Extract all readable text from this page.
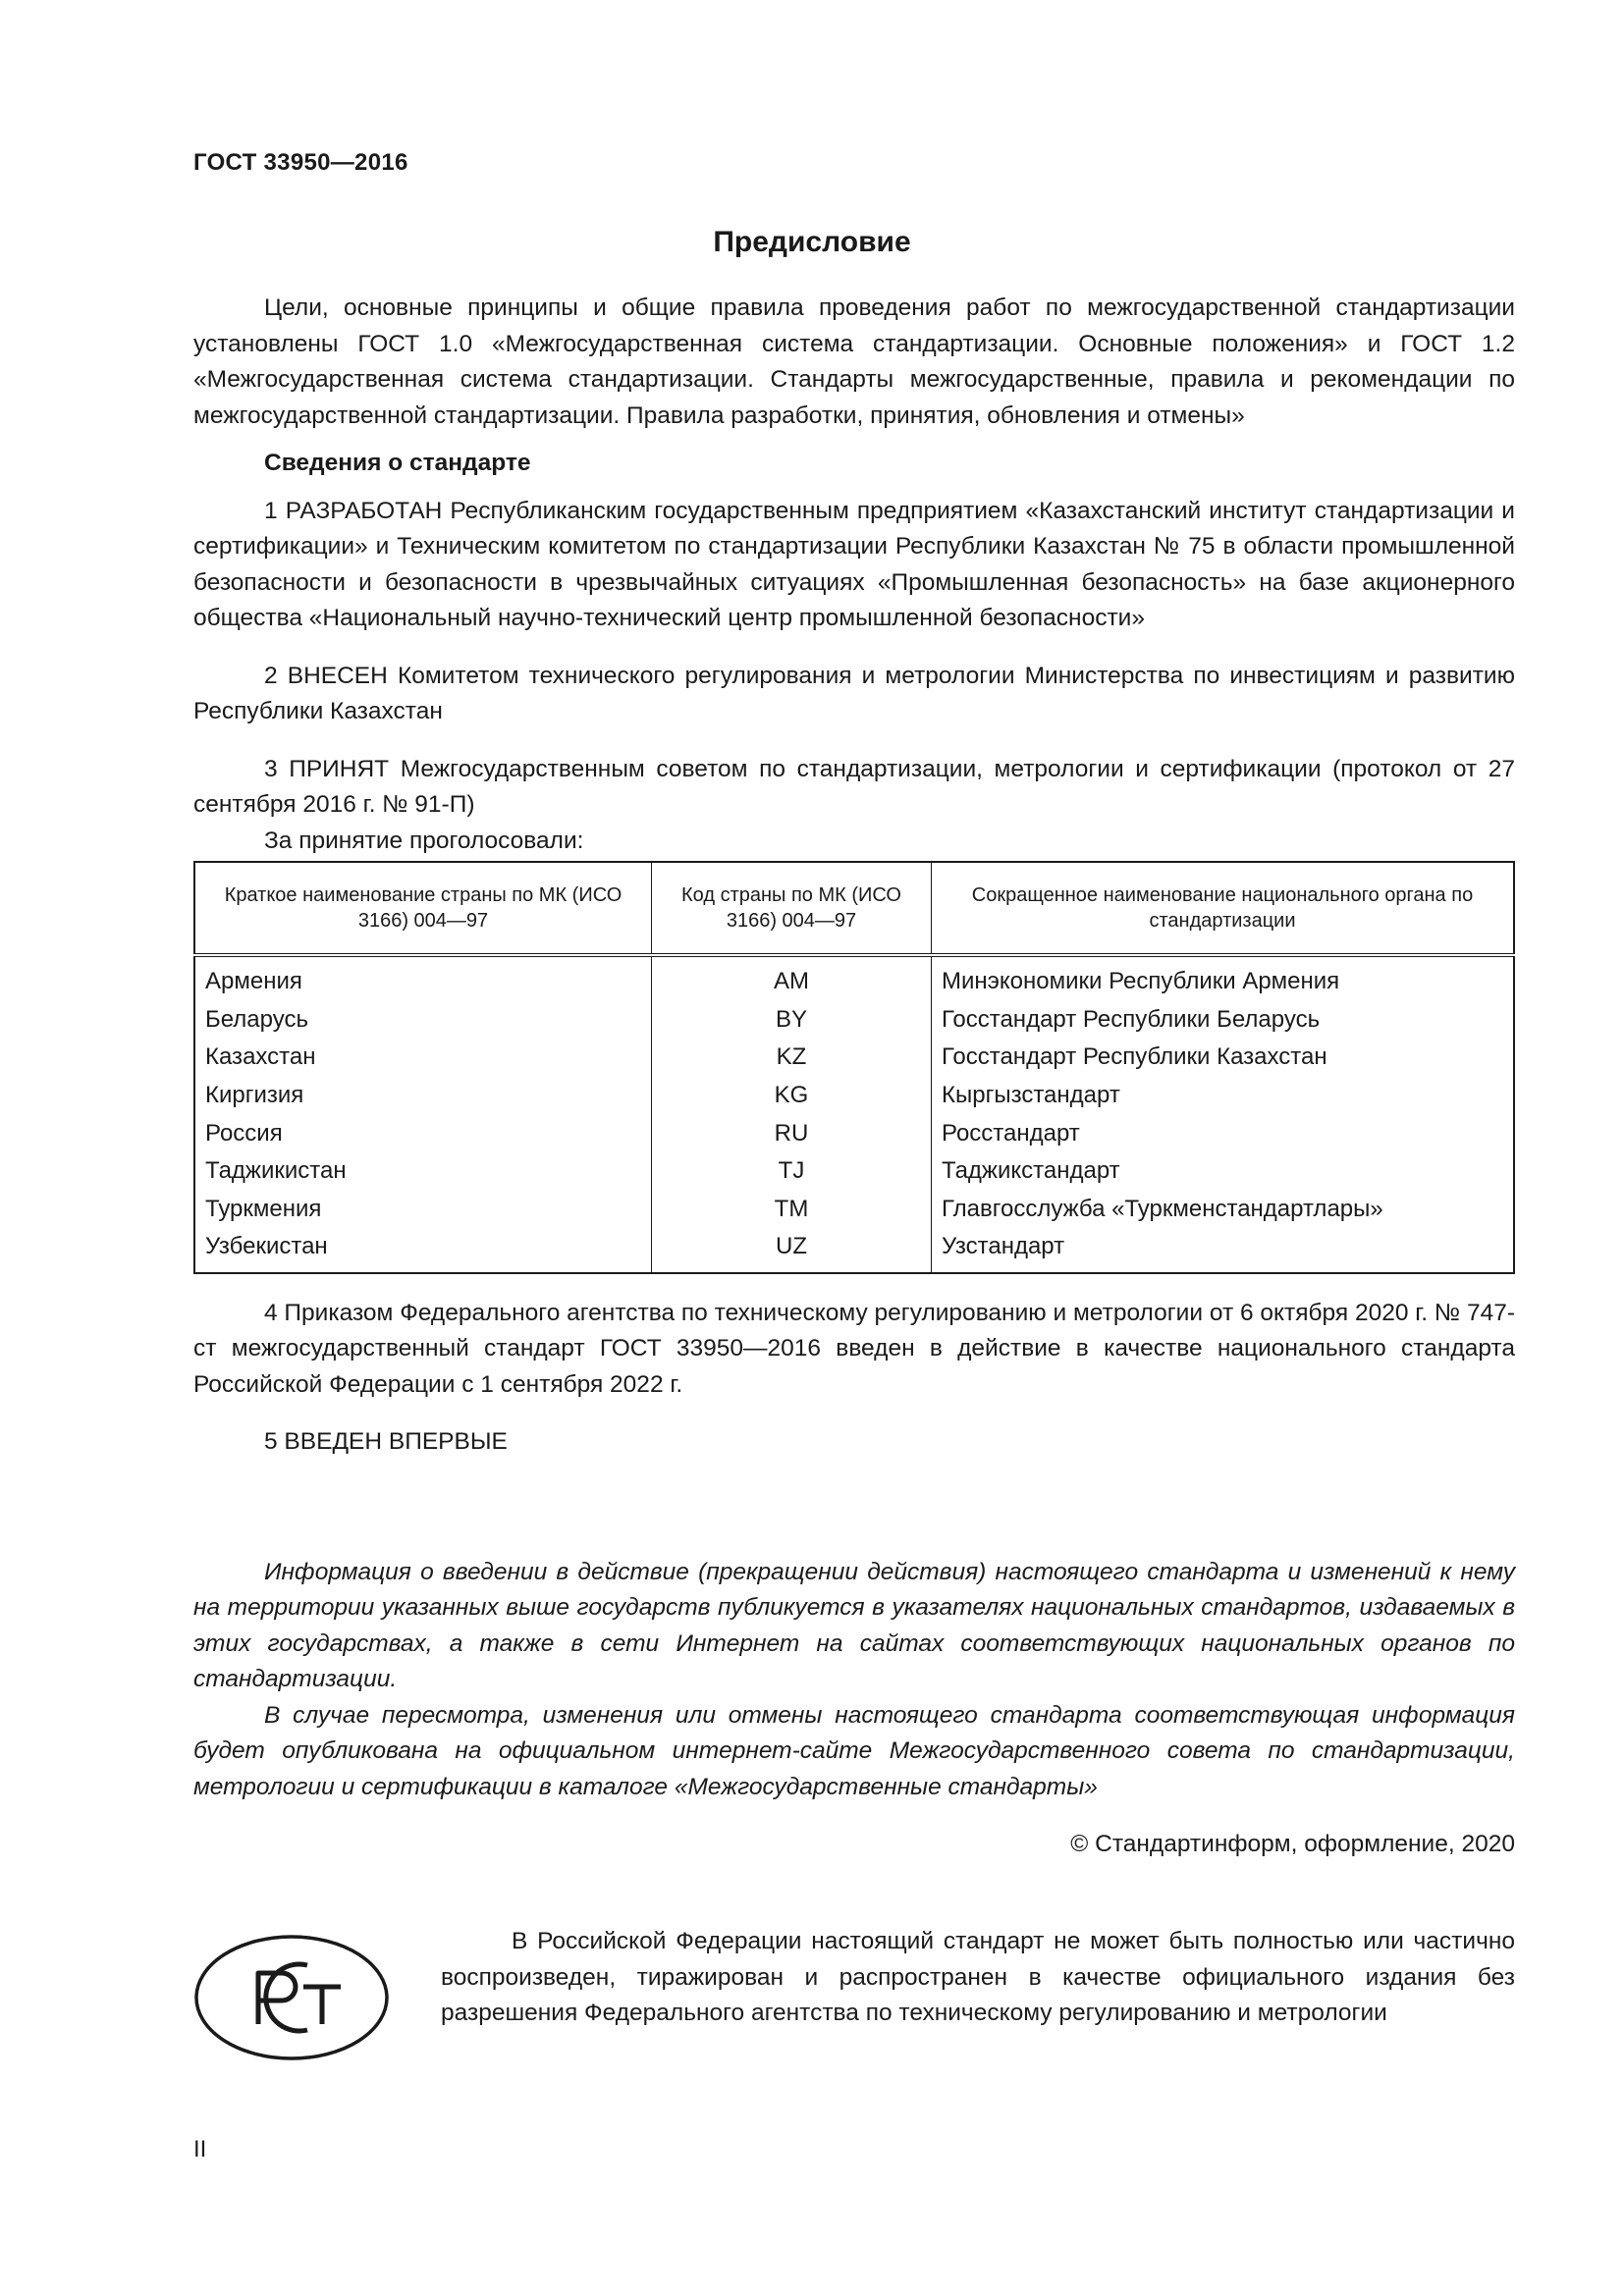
ГОСТ 33950—2016
Предисловие

Цели, основные принципы и общие правила проведения работ по межгосударственной стандартизации установлены ГОСТ 1.0 «Межгосударственная система стандартизации. Основные положения» и ГОСТ 1.2 «Межгосударственная система стандартизации. Стандарты межгосударственные, правила и рекомендации по межгосударственной стандартизации. Правила разработки, принятия, обновления и отмены»

Сведения о стандарте

1 РАЗРАБОТАН Республиканским государственным предприятием «Казахстанский институт стандартизации и сертификации» и Техническим комитетом по стандартизации Республики Казахстан № 75 в области промышленной безопасности и безопасности в чрезвычайных ситуациях «Промышленная безопасность» на базе акционерного общества «Национальный научно-технический центр промышленной безопасности»

2 ВНЕСЕН Комитетом технического регулирования и метрологии Министерства по инвестициям и развитию Республики Казахстан

3 ПРИНЯТ Межгосударственным советом по стандартизации, метрологии и сертификации (протокол от 27 сентября 2016 г. № 91-П)

За принятие проголосовали:

Краткое наименование страны по МК (ИСО 3166) 004—97	Код страны по МК (ИСО 3166) 004—97	Сокращенное наименование национального органа по стандартизации
Армения	AM	Минэкономики Республики Армения
Беларусь	BY	Госстандарт Республики Беларусь
Казахстан	KZ	Госстандарт Республики Казахстан
Киргизия	KG	Кыргызстандарт
Россия	RU	Росстандарт
Таджикистан	TJ	Таджикстандарт
Туркмения	TM	Главгосслужба «Туркменстандартлары»
Узбекистан	UZ	Узстандарт

4 Приказом Федерального агентства по техническому регулированию и метрологии от 6 октября 2020 г. № 747-ст межгосударственный стандарт ГОСТ 33950—2016 введен в действие в качестве национального стандарта Российской Федерации с 1 сентября 2022 г.

5 ВВЕДЕН ВПЕРВЫЕ

Информация о введении в действие (прекращении действия) настоящего стандарта и изменений к нему на территории указанных выше государств публикуется в указателях национальных стандартов, издаваемых в этих государствах, а также в сети Интернет на сайтах соответствующих национальных органов по стандартизации.

В случае пересмотра, изменения или отмены настоящего стандарта соответствующая информация будет опубликована на официальном интернет-сайте Межгосударственного совета по стандартизации, метрологии и сертификации в каталоге «Межгосударственные стандарты»

© Стандартинформ, оформление, 2020
РСТ

В Российской Федерации настоящий стандарт не может быть полностью или частично воспроизведен, тиражирован и распространен в качестве официального издания без разрешения Федерального агентства по техническому регулированию и метрологии

II
